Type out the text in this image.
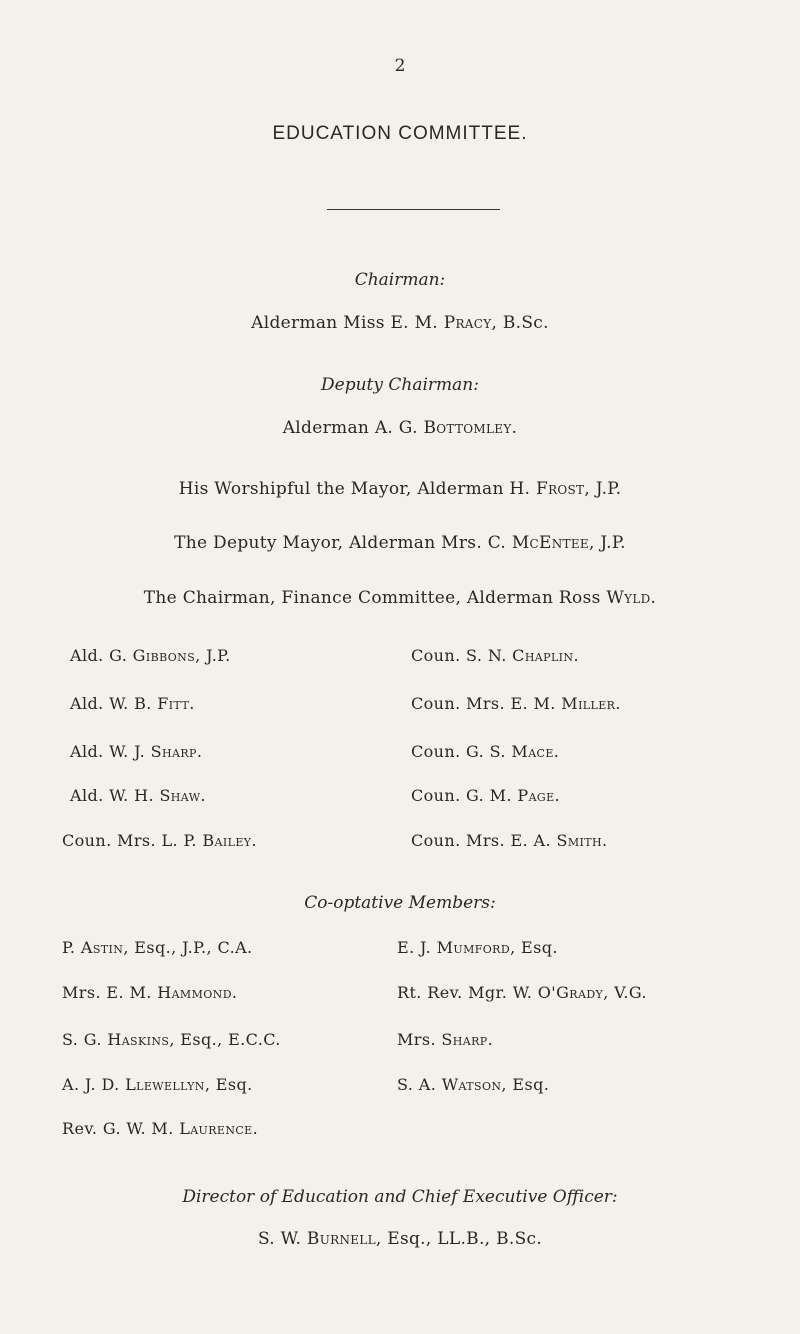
2
EDUCATION COMMITTEE.
Chairman:
Alderman Miss E. M. Pracy, B.Sc.
Deputy Chairman:
Alderman A. G. Bottomley.
His Worshipful the Mayor, Alderman H. Frost, J.P.
The Deputy Mayor, Alderman Mrs. C. McEntee, J.P.
The Chairman, Finance Committee, Alderman Ross Wyld.
Ald. G. Gibbons, J.P.
Ald. W. B. Fitt.
Ald. W. J. Sharp.
Ald. W. H. Shaw.
Coun. Mrs. L. P. Bailey.
Coun. S. N. Chaplin.
Coun. Mrs. E. M. Miller.
Coun. G. S. Mace.
Coun. G. M. Page.
Coun. Mrs. E. A. Smith.
Co-optative Members:
P. Astin, Esq., J.P., C.A.
Mrs. E. M. Hammond.
S. G. Haskins, Esq., E.C.C.
A. J. D. Llewellyn, Esq.
Rev. G. W. M. Laurence.
E. J. Mumford, Esq.
Rt. Rev. Mgr. W. O'Grady, V.G.
Mrs. Sharp.
S. A. Watson, Esq.
Director of Education and Chief Executive Officer:
S. W. Burnell, Esq., LL.B., B.Sc.
